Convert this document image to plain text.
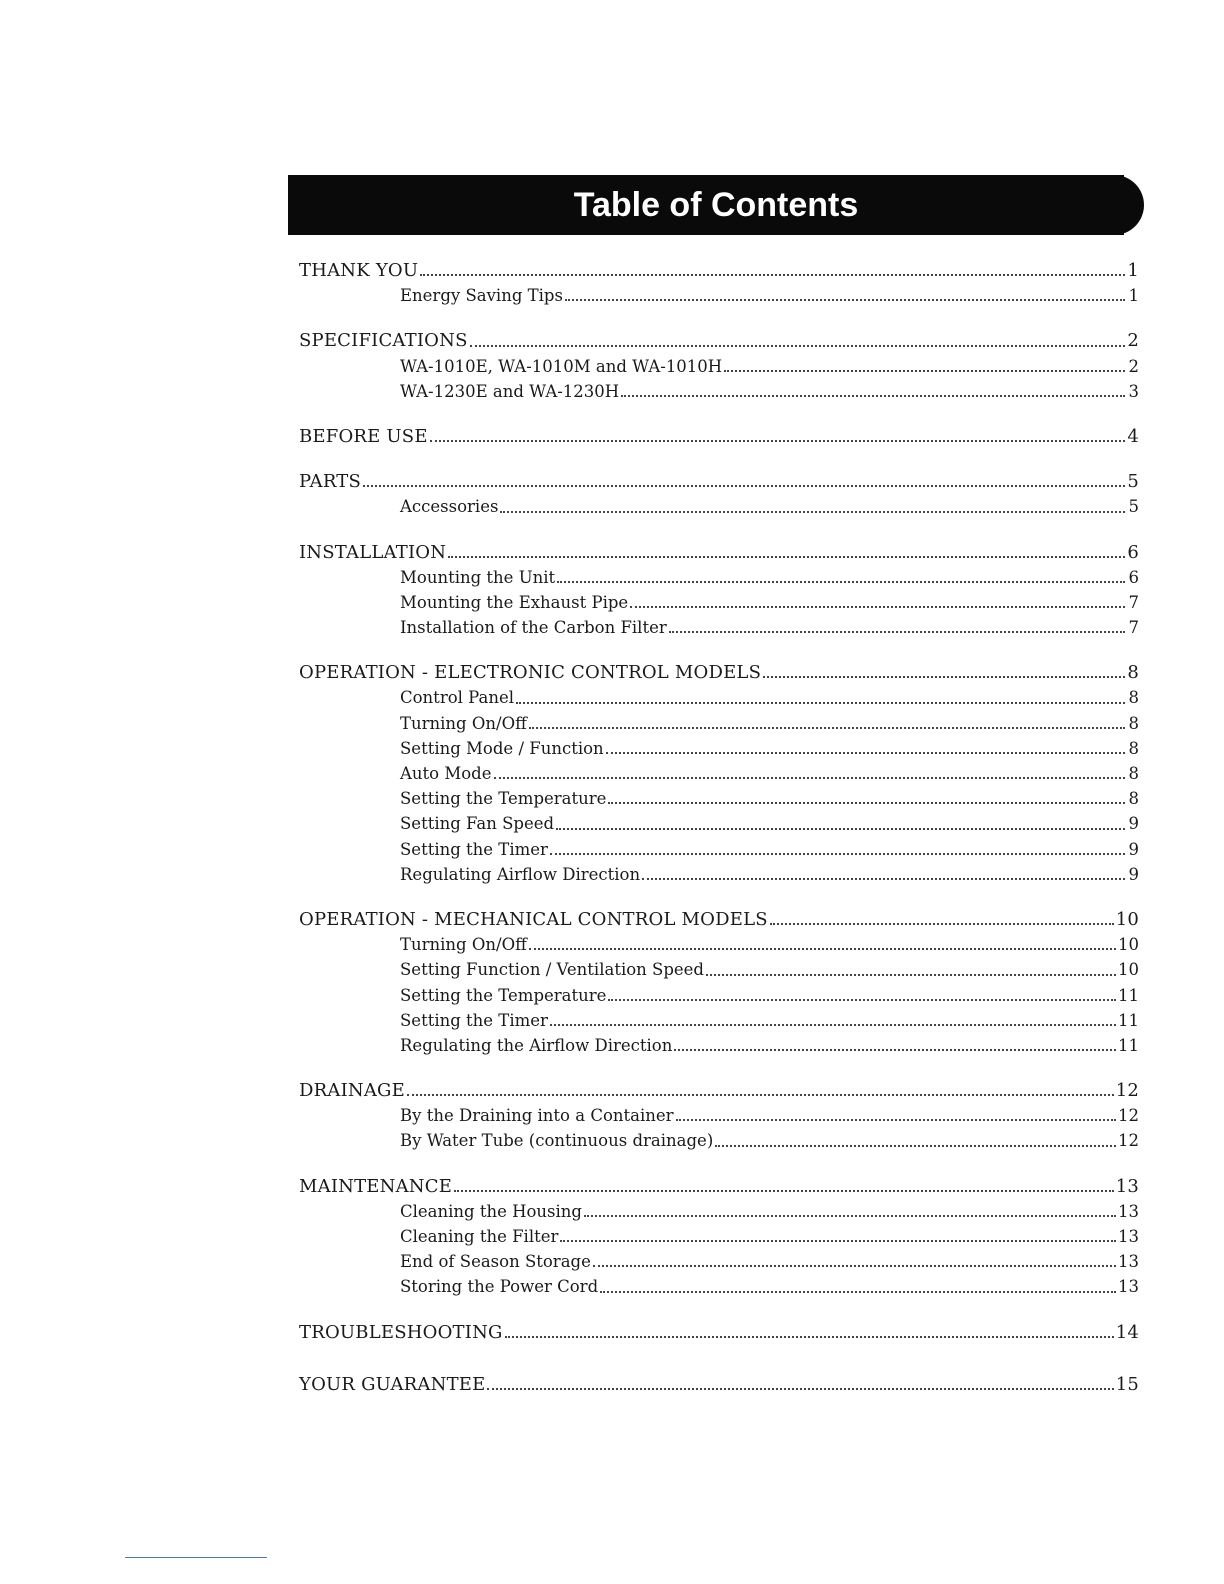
Table of Contents
THANK YOU	1
Energy Saving Tips	1
SPECIFICATIONS	2
WA-1010E, WA-1010M and WA-1010H	2
WA-1230E and WA-1230H	3
BEFORE USE	4
PARTS	5
Accessories	5
INSTALLATION	6
Mounting the Unit	6
Mounting the Exhaust Pipe	7
Installation of the Carbon Filter	7
OPERATION - ELECTRONIC CONTROL MODELS	8
Control Panel	8
Turning On/Off	8
Setting Mode / Function	8
Auto Mode	8
Setting the Temperature	8
Setting Fan Speed	9
Setting the Timer	9
Regulating Airflow Direction	9
OPERATION - MECHANICAL CONTROL MODELS	10
Turning On/Off	10
Setting Function / Ventilation Speed	10
Setting the Temperature	11
Setting the Timer	11
Regulating the Airflow Direction	11
DRAINAGE	12
By the Draining into a Container	12
By Water Tube (continuous drainage)	12
MAINTENANCE	13
Cleaning the Housing	13
Cleaning the Filter	13
End of Season Storage	13
Storing the Power Cord	13
TROUBLESHOOTING	14
YOUR GUARANTEE	15
